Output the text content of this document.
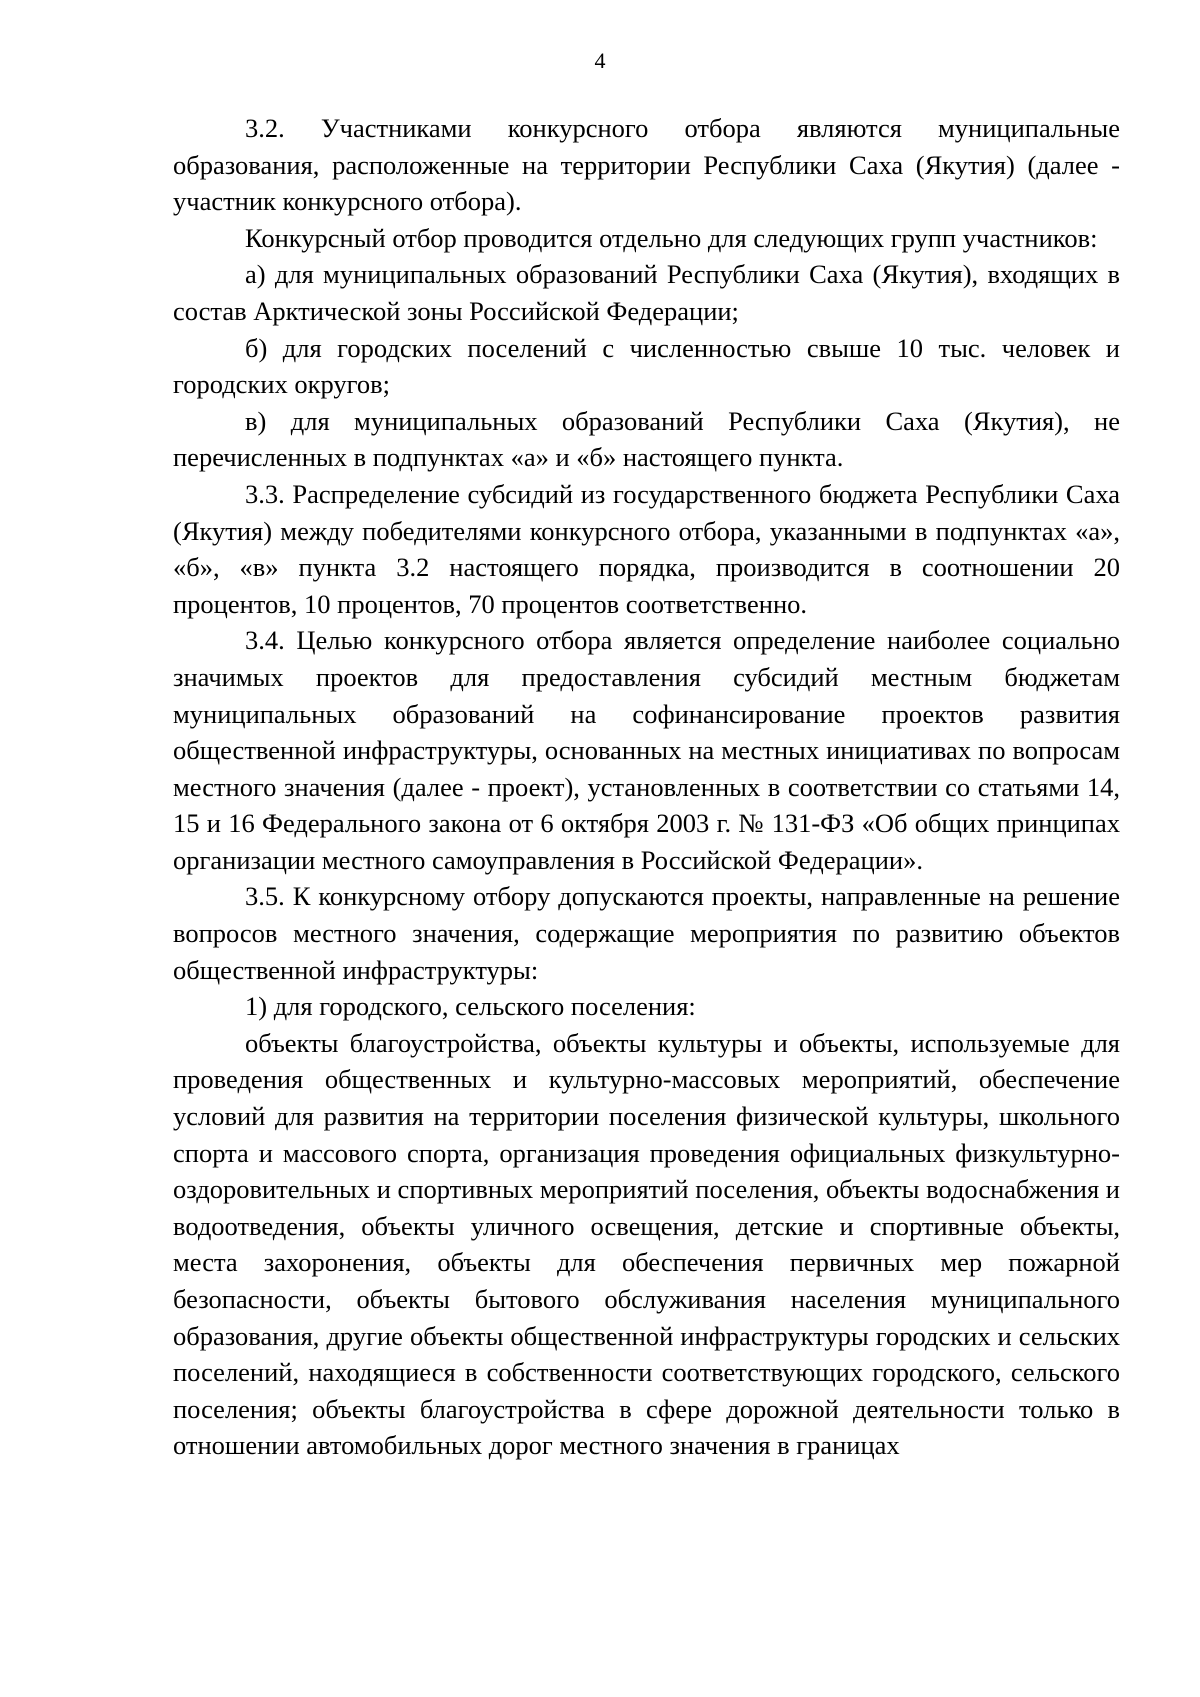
4

3.2. Участниками конкурсного отбора являются муниципальные образования, расположенные на территории Республики Саха (Якутия) (далее - участник конкурсного отбора).

Конкурсный отбор проводится отдельно для следующих групп участников:

а) для муниципальных образований Республики Саха (Якутия), входящих в состав Арктической зоны Российской Федерации;

б) для городских поселений с численностью свыше 10 тыс. человек и городских округов;

в) для муниципальных образований Республики Саха (Якутия), не перечисленных в подпунктах «а» и «б» настоящего пункта.

3.3. Распределение субсидий из государственного бюджета Республики Саха (Якутия) между победителями конкурсного отбора, указанными в подпунктах «а», «б», «в» пункта 3.2 настоящего порядка, производится в соотношении 20 процентов, 10 процентов, 70 процентов соответственно.

3.4. Целью конкурсного отбора является определение наиболее социально значимых проектов для предоставления субсидий местным бюджетам муниципальных образований на софинансирование проектов развития общественной инфраструктуры, основанных на местных инициативах по вопросам местного значения (далее - проект), установленных в соответствии со статьями 14, 15 и 16 Федерального закона от 6 октября 2003 г. № 131-ФЗ «Об общих принципах организации местного самоуправления в Российской Федерации».

3.5. К конкурсному отбору допускаются проекты, направленные на решение вопросов местного значения, содержащие мероприятия по развитию объектов общественной инфраструктуры:

1) для городского, сельского поселения:

объекты благоустройства, объекты культуры и объекты, используемые для проведения общественных и культурно-массовых мероприятий, обеспечение условий для развития на территории поселения физической культуры, школьного спорта и массового спорта, организация проведения официальных физкультурно-оздоровительных и спортивных мероприятий поселения, объекты водоснабжения и водоотведения, объекты уличного освещения, детские и спортивные объекты, места захоронения, объекты для обеспечения первичных мер пожарной безопасности, объекты бытового обслуживания населения муниципального образования, другие объекты общественной инфраструктуры городских и сельских поселений, находящиеся в собственности соответствующих городского, сельского поселения; объекты благоустройства в сфере дорожной деятельности только в отношении автомобильных дорог местного значения в границах
